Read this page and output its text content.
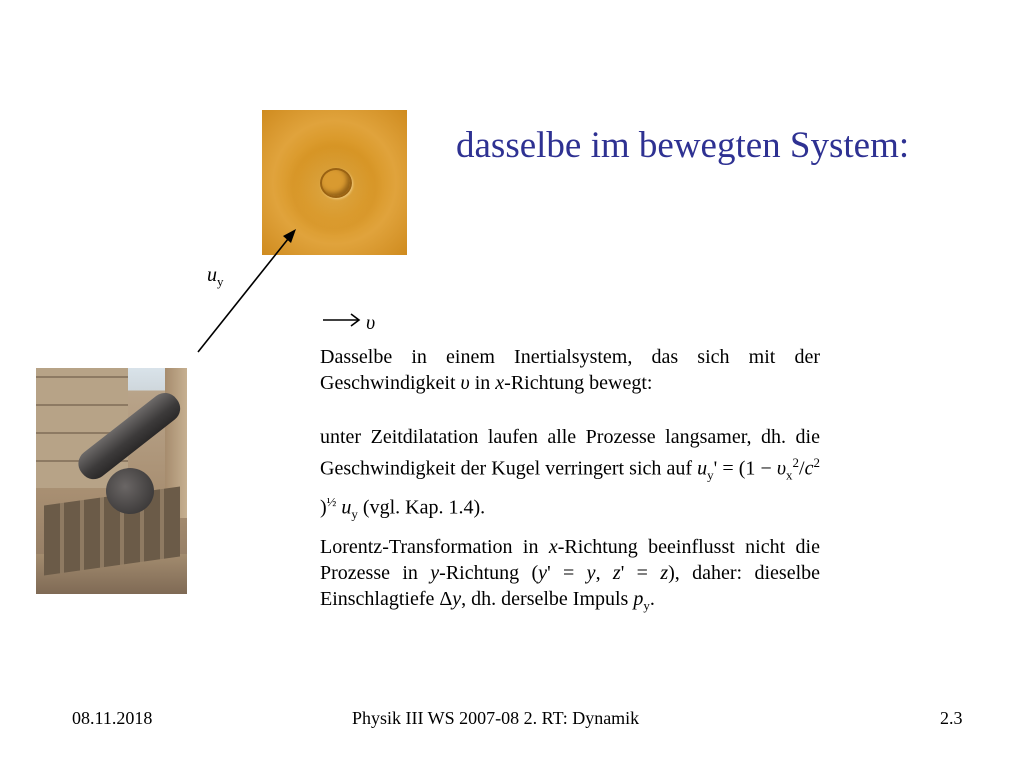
dasselbe im bewegten System:
$u_y$
υ
Dasselbe in einem Inertialsystem, das sich mit der Geschwindigkeit υ in x-Richtung bewegt:
unter Zeitdilatation laufen alle Prozesse langsamer, dh. die Geschwindigkeit der Kugel verringert sich auf $u_y' = (1 - \upsilon_x^2/c^2$ )$^{\frac{1}{2}}$ $u_y$ (vgl. Kap. 1.4).
Lorentz-Transformation in x-Richtung beeinflusst nicht die Prozesse in y-Richtung (y' = y, z' = z), daher: dieselbe Einschlagtiefe Δy, dh. derselbe Impuls $p_y$.
08.11.2018	Physik III WS 2007-08 2. RT: Dynamik	2.3
